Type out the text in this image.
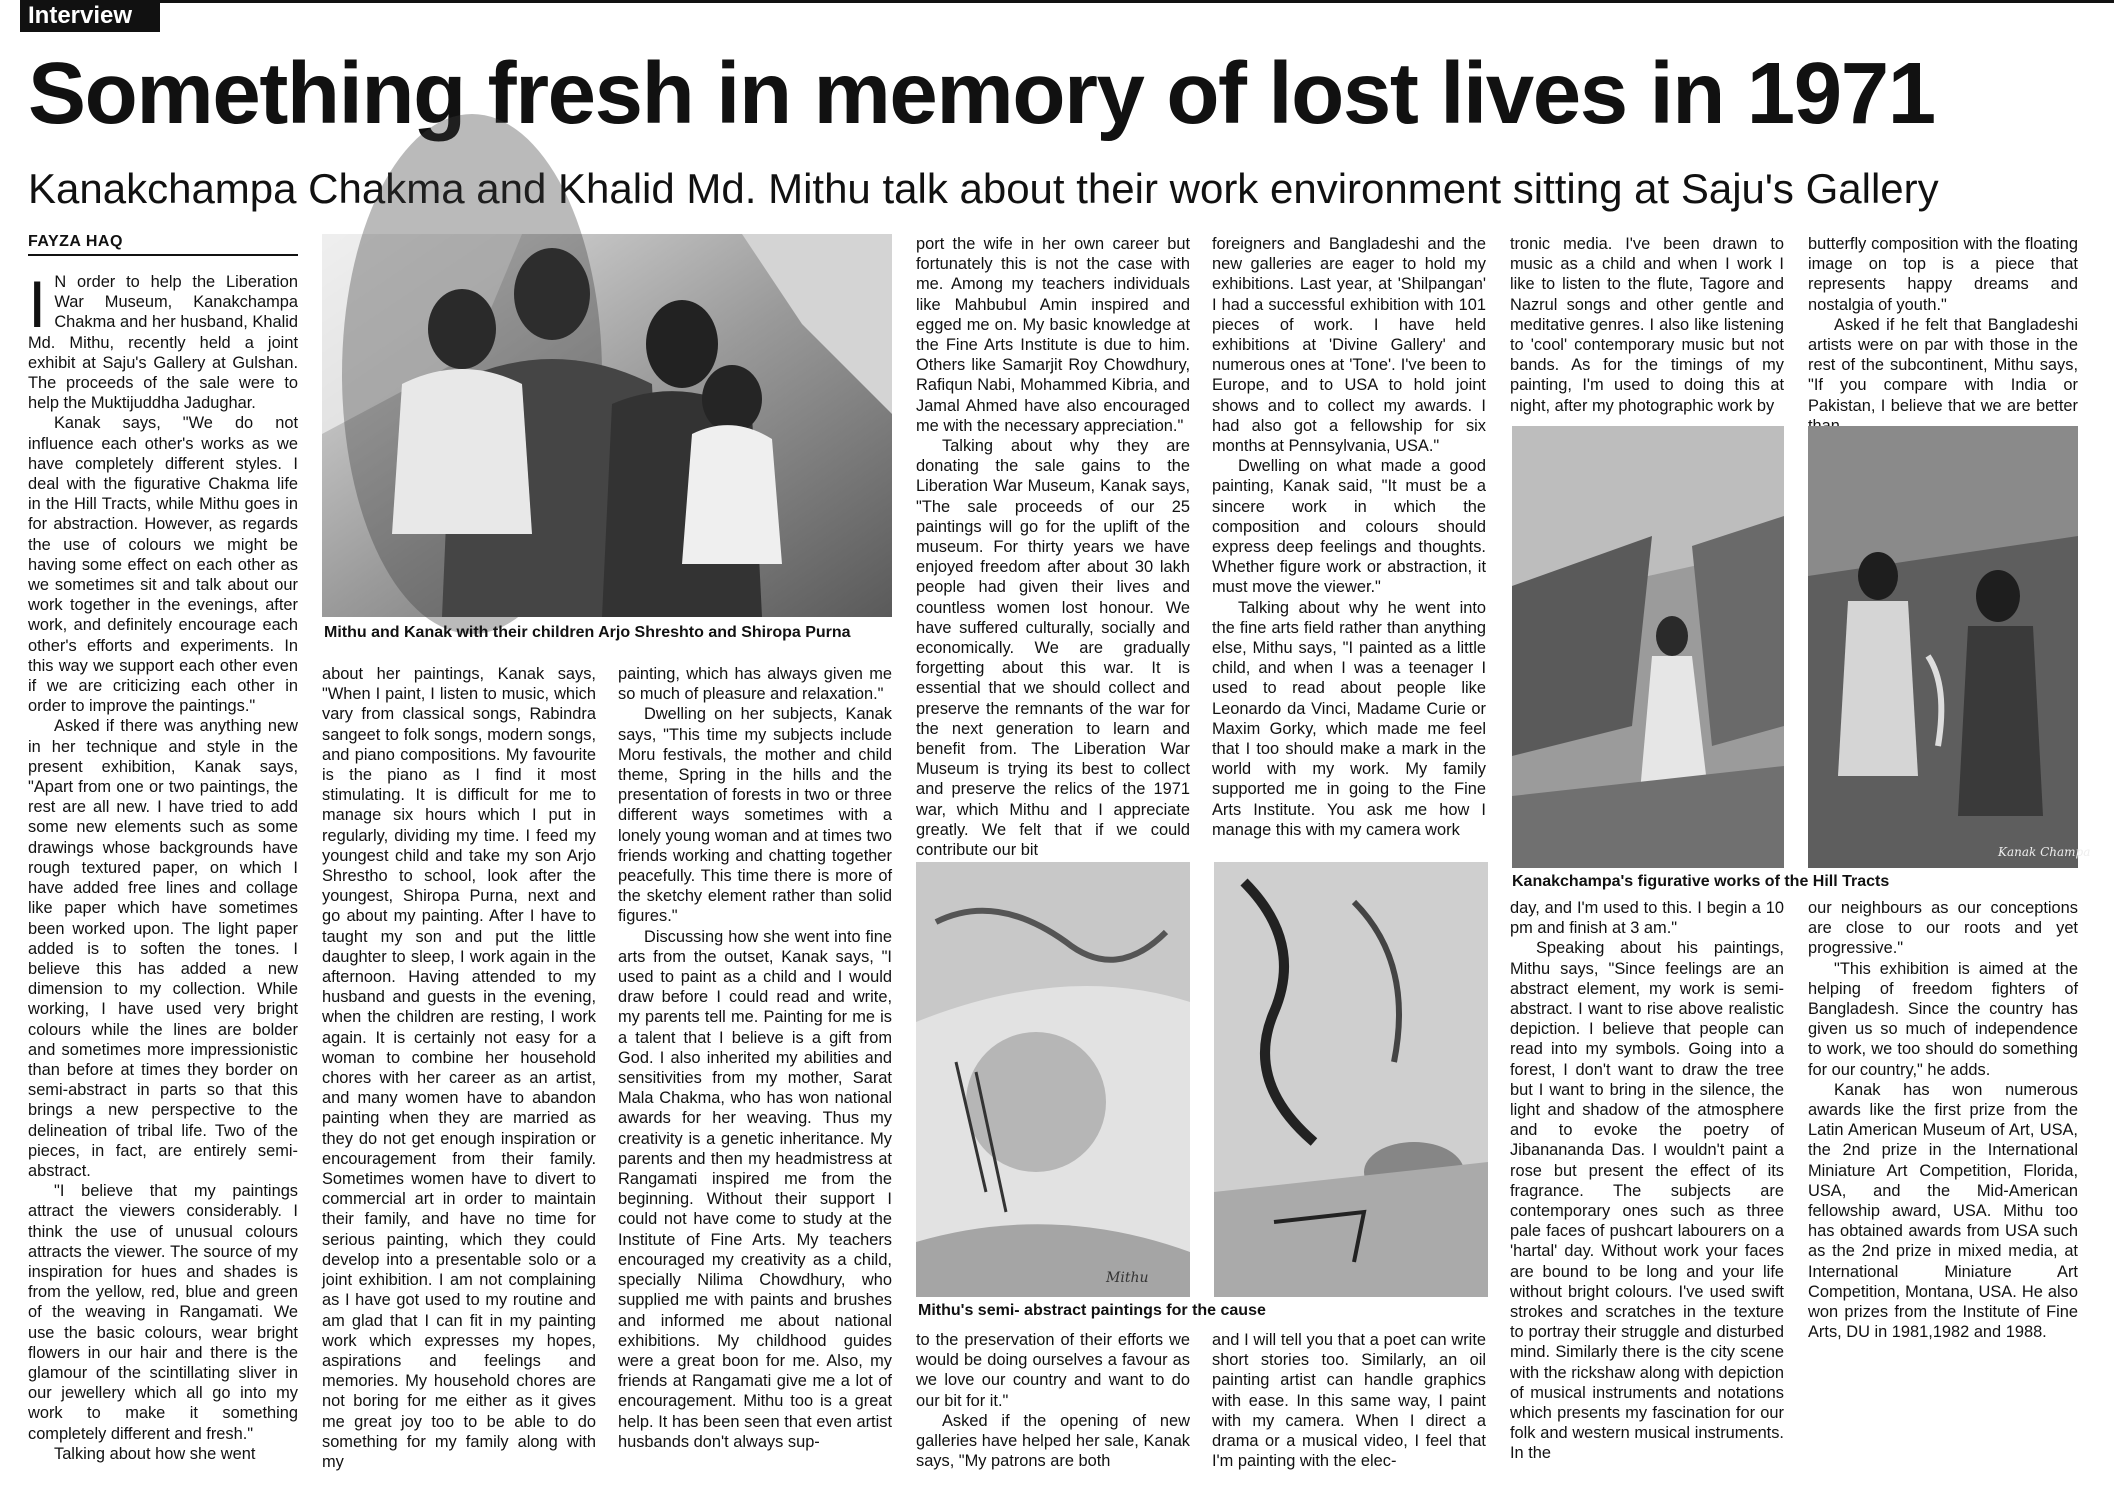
Interview
Something fresh in memory of lost lives in 1971
Kanakchampa Chakma and Khalid Md. Mithu talk about their work environment sitting at Saju's Gallery
FAYZA HAQ
Mithu and Kanak with their children Arjo Shreshto and Shiropa Purna

I N order to help the Liberation War Museum, Kanakchampa Chakma and her husband, Khalid Md. Mithu, recently held a joint exhibit at Saju's Gallery at Gulshan. The proceeds of the sale were to help the Muktijuddha Jadughar.

Kanak says, "We do not influence each other's works as we have completely different styles. I deal with the figurative Chakma life in the Hill Tracts, while Mithu goes in for abstraction. However, as regards the use of colours we might be having some effect on each other as we sometimes sit and talk about our work together in the evenings, after work, and definitely encourage each other's efforts and experiments. In this way we support each other even if we are criticizing each other in order to improve the paintings."

Asked if there was anything new in her technique and style in the present exhibition, Kanak says, "Apart from one or two paintings, the rest are all new. I have tried to add some new elements such as some drawings whose backgrounds have rough textured paper, on which I have added free lines and collage like paper which have sometimes been worked upon. The light paper added is to soften the tones. I believe this has added a new dimension to my collection. While working, I have used very bright colours while the lines are bolder and sometimes more impressionistic than before at times they border on semi-abstract in parts so that this brings a new perspective to the delineation of tribal life. Two of the pieces, in fact, are entirely semi-abstract.

"I believe that my paintings attract the viewers considerably. I think the use of unusual colours attracts the viewer. The source of my inspiration for hues and shades is from the yellow, red, blue and green of the weaving in Rangamati. We use the basic colours, wear bright flowers in our hair and there is the glamour of the scintillating sliver in our jewellery which all go into my work to make it something completely different and fresh."

Talking about how she went

about her paintings, Kanak says, "When I paint, I listen to music, which vary from classical songs, Rabindra sangeet to folk songs, modern songs, and piano compositions. My favourite is the piano as I find it most stimulating. It is difficult for me to manage six hours which I put in regularly, dividing my time. I feed my youngest child and take my son Arjo Shrestho to school, look after the youngest, Shiropa Purna, next and go about my painting. After I have to taught my son and put the little daughter to sleep, I work again in the afternoon. Having attended to my husband and guests in the evening, when the children are resting, I work again. It is certainly not easy for a woman to combine her household chores with her career as an artist, and many women have to abandon painting when they are married as they do not get enough inspiration or encouragement from their family. Sometimes women have to divert to commercial art in order to maintain their family, and have no time for serious painting, which they could develop into a presentable solo or a joint exhibition. I am not complaining as I have got used to my routine and am glad that I can fit in my painting work which expresses my hopes, aspirations and feelings and memories. My household chores are not boring for me either as it gives me great joy too to be able to do something for my family along with my

painting, which has always given me so much of pleasure and relaxation."

Dwelling on her subjects, Kanak says, "This time my subjects include Moru festivals, the mother and child theme, Spring in the hills and the presentation of forests in two or three different ways sometimes with a lonely young woman and at times two friends working and chatting together peacefully. This time there is more of the sketchy element rather than solid figures."

Discussing how she went into fine arts from the outset, Kanak says, "I used to paint as a child and I would draw before I could read and write, my parents tell me. Painting for me is a talent that I believe is a gift from God. I also inherited my abilities and sensitivities from my mother, Sarat Mala Chakma, who has won national awards for her weaving. Thus my creativity is a genetic inheritance. My parents and then my headmistress at Rangamati inspired me from the beginning. Without their support I could not have come to study at the Institute of Fine Arts. My teachers encouraged my creativity as a child, specially Nilima Chowdhury, who supplied me with paints and brushes and informed me about national exhibitions. My childhood guides were a great boon for me. Also, my friends at Rangamati give me a lot of encouragement. Mithu too is a great help. It has been seen that even artist husbands don't always sup-

port the wife in her own career but fortunately this is not the case with me. Among my teachers individuals like Mahbubul Amin inspired and egged me on. My basic knowledge at the Fine Arts Institute is due to him. Others like Samarjit Roy Chowdhury, Rafiqun Nabi, Mohammed Kibria, and Jamal Ahmed have also encouraged me with the necessary appreciation."

Talking about why they are donating the sale gains to the Liberation War Museum, Kanak says, "The sale proceeds of our 25 paintings will go for the uplift of the museum. For thirty years we have enjoyed freedom after about 30 lakh people had given their lives and countless women lost honour. We have suffered culturally, socially and economically. We are gradually forgetting about this war. It is essential that we should collect and preserve the remnants of the war for the next generation to learn and benefit from. The Liberation War Museum is trying its best to collect and preserve the relics of the 1971 war, which Mithu and I appreciate greatly. We felt that if we could contribute our bit

foreigners and Bangladeshi and the new galleries are eager to hold my exhibitions. Last year, at 'Shilpangan' I had a successful exhibition with 101 pieces of work. I have held exhibitions at 'Divine Gallery' and numerous ones at 'Tone'. I've been to Europe, and to USA to hold joint shows and to collect my awards. I had also got a fellowship for six months at Pennsylvania, USA."

Dwelling on what made a good painting, Kanak said, "It must be a sincere work in which the composition and colours should express deep feelings and thoughts. Whether figure work or abstraction, it must move the viewer."

Talking about why he went into the fine arts field rather than anything else, Mithu says, "I painted as a little child, and when I was a teenager I used to read about people like Leonardo da Vinci, Madame Curie or Maxim Gorky, which made me feel that I too should make a mark in the world with my work. My family supported me in going to the Fine Arts Institute. You ask me how I manage this with my camera work

Mithu
Mithu's semi- abstract paintings for the cause

to the preservation of their efforts we would be doing ourselves a favour as we love our country and want to do our bit for it."

Asked if the opening of new galleries have helped her sale, Kanak says, "My patrons are both

and I will tell you that a poet can write short stories too. Similarly, an oil painting artist can handle graphics with ease. In this same way, I paint with my camera. When I direct a drama or a musical video, I feel that I'm painting with the elec-

tronic media. I've been drawn to music as a child and when I work I like to listen to the flute, Tagore and Nazrul songs and other gentle and meditative genres. I also like listening to 'cool' contemporary music but not bands. As for the timings of my painting, I'm used to doing this at night, after my photographic work by

butterfly composition with the floating image on top is a piece that represents happy dreams and nostalgia of youth."

Asked if he felt that Bangladeshi artists were on par with those in the rest of the subcontinent, Mithu says, "If you compare with India or Pakistan, I believe that we are better

Kanak Champa
Kanakchampa's figurative works of the Hill Tracts

day, and I'm used to this. I begin a 10 pm and finish at 3 am."

Speaking about his paintings, Mithu says, "Since feelings are an abstract element, my work is semi-abstract. I want to rise above realistic depiction. I believe that people can read into my symbols. Going into a forest, I don't want to draw the tree but I want to bring in the silence, the light and shadow of the atmosphere and to evoke the poetry of Jibanananda Das. I wouldn't paint a rose but present the effect of its fragrance. The subjects are contemporary ones such as three pale faces of pushcart labourers on a 'hartal' day. Without work your faces are bound to be long and your life without bright colours. I've used swift strokes and scratches in the texture to portray their struggle and disturbed mind. Similarly there is the city scene with the rickshaw along with depiction of musical instruments and notations which presents my fascination for our folk and western musical instruments. In the

our neighbours as our conceptions are close to our roots and yet progressive."

"This exhibition is aimed at the helping of freedom fighters of Bangladesh. Since the country has given us so much of independence to work, we too should do something for our country," he adds.

Kanak has won numerous awards like the first prize from the Latin American Museum of Art, USA, the 2nd prize in the International Miniature Art Competition, Florida, USA, and the Mid-American fellowship award, USA. Mithu too has obtained awards from USA such as the 2nd prize in mixed media, at International Miniature Art Competition, Montana, USA. He also won prizes from the Institute of Fine Arts, DU in 1981,1982 and 1988.
